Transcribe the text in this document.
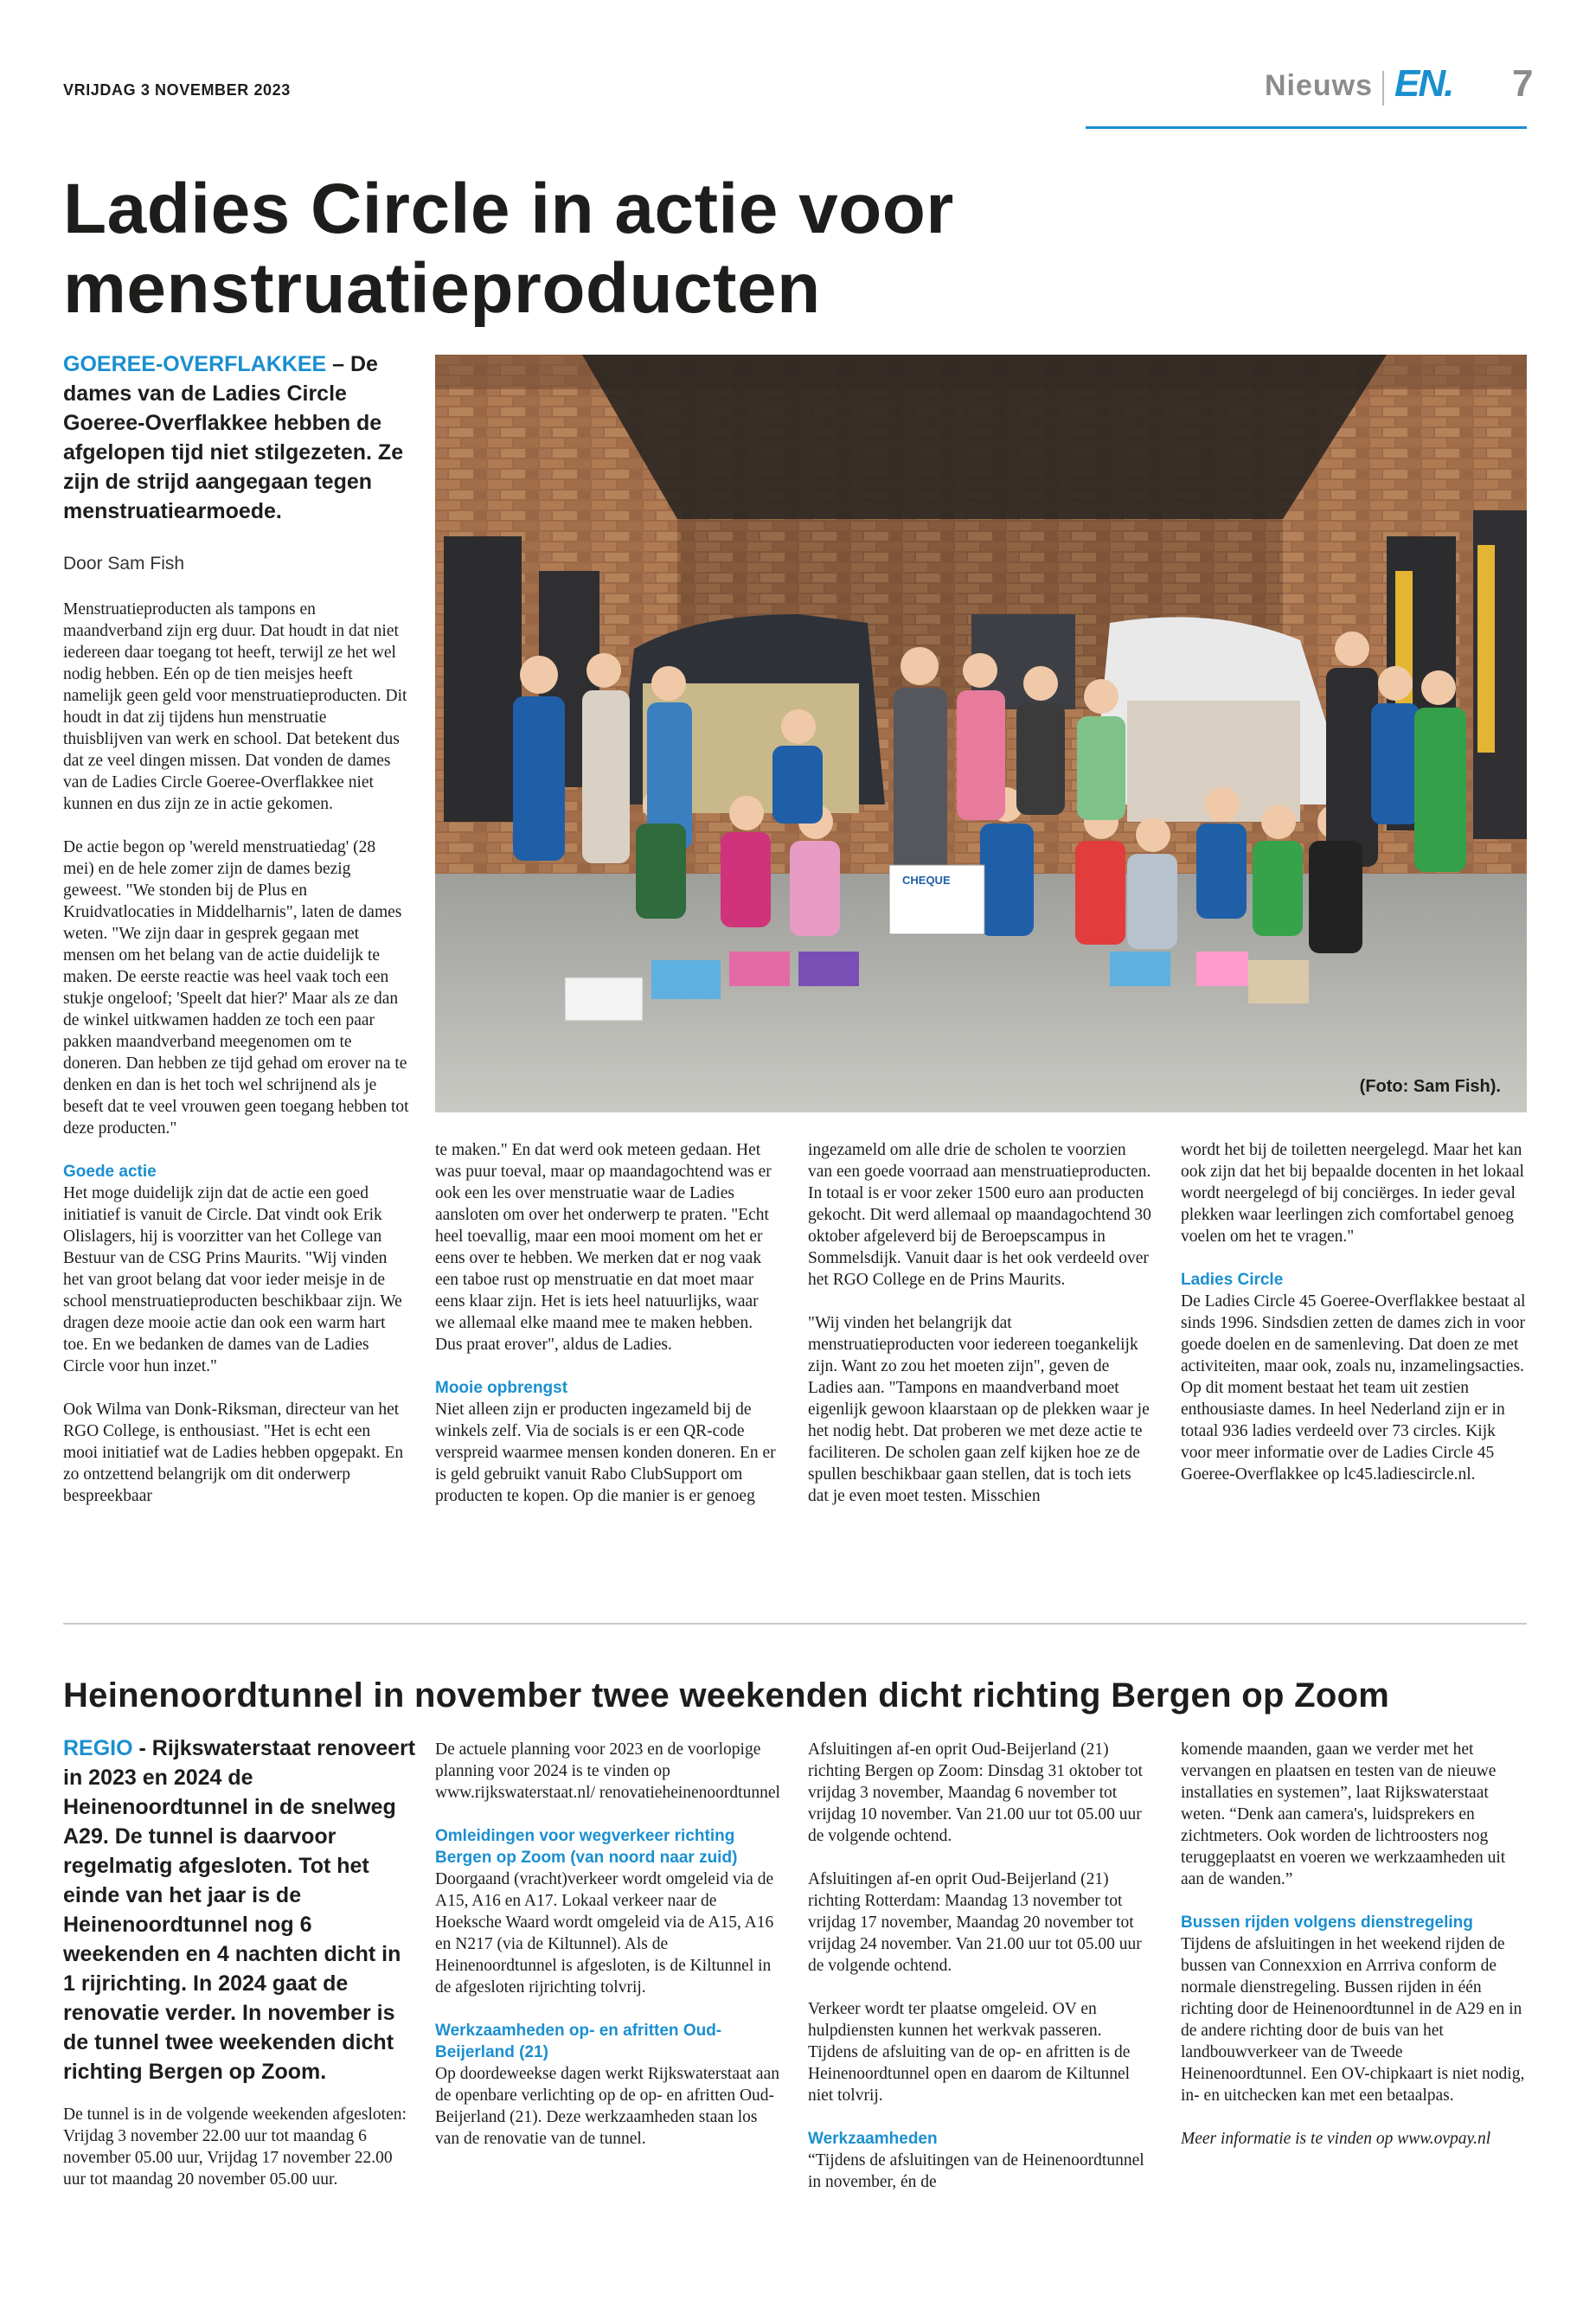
VRIJDAG 3 NOVEMBER 2023	Nieuws EN. 7
Ladies Circle in actie voor
menstruatieproducten
GOEREE-OVERFLAKKEE – De dames van de Ladies Circle Goeree-Overflakkee hebben de afgelopen tijd niet stilgezeten. Ze zijn de strijd aangegaan tegen menstruatiearmoede.
Door Sam Fish

Menstruatieproducten als tampons en maandverband zijn erg duur. Dat houdt in dat niet iedereen daar toegang tot heeft, terwijl ze het wel nodig hebben. Eén op de tien meisjes heeft namelijk geen geld voor menstruatieproducten. Dit houdt in dat zij tijdens hun menstruatie thuisblijven van werk en school. Dat betekent dus dat ze veel dingen missen. Dat vonden de dames van de Ladies Circle Goeree-Overflakkee niet kunnen en dus zijn ze in actie gekomen.

De actie begon op 'wereld menstruatiedag' (28 mei) en de hele zomer zijn de dames bezig geweest. "We stonden bij de Plus en Kruidvatlocaties in Middelharnis", laten de dames weten. "We zijn daar in gesprek gegaan met mensen om het belang van de actie duidelijk te maken. De eerste reactie was heel vaak toch een stukje ongeloof; 'Speelt dat hier?' Maar als ze dan de winkel uitkwamen hadden ze toch een paar pakken maandverband meegenomen om te doneren. Dan hebben ze tijd gehad om erover na te denken en dan is het toch wel schrijnend als je beseft dat te veel vrouwen geen toegang hebben tot deze producten."

Goede actie

Het moge duidelijk zijn dat de actie een goed initiatief is vanuit de Circle. Dat vindt ook Erik Olislagers, hij is voorzitter van het College van Bestuur van de CSG Prins Maurits. "Wij vinden het van groot belang dat voor ieder meisje in de school menstruatieproducten beschikbaar zijn. We dragen deze mooie actie dan ook een warm hart toe. En we bedanken de dames van de Ladies Circle voor hun inzet."

Ook Wilma van Donk-Riksman, directeur van het RGO College, is enthousiast. "Het is echt een mooi initiatief wat de Ladies hebben opgepakt. En zo ontzettend belangrijk om dit onderwerp bespreekbaar

CHEQUE
(Foto: Sam Fish).

te maken." En dat werd ook meteen gedaan. Het was puur toeval, maar op maandagochtend was er ook een les over menstruatie waar de Ladies aansloten om over het onderwerp te praten. "Echt heel toevallig, maar een mooi moment om het er eens over te hebben. We merken dat er nog vaak een taboe rust op menstruatie en dat moet maar eens klaar zijn. Het is iets heel natuurlijks, waar we allemaal elke maand mee te maken hebben. Dus praat erover", aldus de Ladies.

Mooie opbrengst

Niet alleen zijn er producten ingezameld bij de winkels zelf. Via de socials is er een QR-code verspreid waarmee mensen konden doneren. En er is geld gebruikt vanuit Rabo ClubSupport om producten te kopen. Op die manier is er genoeg

ingezameld om alle drie de scholen te voorzien van een goede voorraad aan menstruatieproducten. In totaal is er voor zeker 1500 euro aan producten gekocht. Dit werd allemaal op maandagochtend 30 oktober afgeleverd bij de Beroepscampus in Sommelsdijk. Vanuit daar is het ook verdeeld over het RGO College en de Prins Maurits.

"Wij vinden het belangrijk dat menstruatieproducten voor iedereen toegankelijk zijn. Want zo zou het moeten zijn", geven de Ladies aan. "Tampons en maandverband moet eigenlijk gewoon klaarstaan op de plekken waar je het nodig hebt. Dat proberen we met deze actie te faciliteren. De scholen gaan zelf kijken hoe ze de spullen beschikbaar gaan stellen, dat is toch iets dat je even moet testen. Misschien

wordt het bij de toiletten neergelegd. Maar het kan ook zijn dat het bij bepaalde docenten in het lokaal wordt neergelegd of bij conciërges. In ieder geval plekken waar leerlingen zich comfortabel genoeg voelen om het te vragen."

Ladies Circle

De Ladies Circle 45 Goeree-Overflakkee bestaat al sinds 1996. Sindsdien zetten de dames zich in voor goede doelen en de samenleving. Dat doen ze met activiteiten, maar ook, zoals nu, inzamelingsacties. Op dit moment bestaat het team uit zestien enthousiaste dames. In heel Nederland zijn er in totaal 936 ladies verdeeld over 73 circles. Kijk voor meer informatie over de Ladies Circle 45 Goeree-Overflakkee op lc45.ladiescircle.nl.

Heinenoordtunnel in november twee weekenden dicht richting Bergen op Zoom
REGIO - Rijkswaterstaat renoveert in 2023 en 2024 de Heinenoordtunnel in de snelweg A29. De tunnel is daarvoor regelmatig afgesloten. Tot het einde van het jaar is de Heinenoordtunnel nog 6 weekenden en 4 nachten dicht in 1 rijrichting. In 2024 gaat de renovatie verder. In november is de tunnel twee weekenden dicht richting Bergen op Zoom.

De tunnel is in de volgende weekenden afgesloten: Vrijdag 3 november 22.00 uur tot maandag 6 november 05.00 uur, Vrijdag 17 november 22.00 uur tot maandag 20 november 05.00 uur.

De actuele planning voor 2023 en de voorlopige planning voor 2024 is te vinden op www.rijkswaterstaat.nl/ renovatieheinenoordtunnel

Omleidingen voor wegverkeer richting Bergen op Zoom (van noord naar zuid)

Doorgaand (vracht)verkeer wordt omgeleid via de A15, A16 en A17. Lokaal verkeer naar de Hoeksche Waard wordt omgeleid via de A15, A16 en N217 (via de Kiltunnel). Als de Heinenoordtunnel is afgesloten, is de Kiltunnel in de afgesloten rijrichting tolvrij.

Werkzaamheden op- en afritten Oud-Beijerland (21)

Op doordeweekse dagen werkt Rijkswaterstaat aan de openbare verlichting op de op- en afritten Oud-Beijerland (21). Deze werkzaamheden staan los van de renovatie van de tunnel.

Afsluitingen af-en oprit Oud-Beijerland (21) richting Bergen op Zoom: Dinsdag 31 oktober tot vrijdag 3 november, Maandag 6 november tot vrijdag 10 november. Van 21.00 uur tot 05.00 uur de volgende ochtend.

Afsluitingen af-en oprit Oud-Beijerland (21) richting Rotterdam: Maandag 13 november tot vrijdag 17 november, Maandag 20 november tot vrijdag 24 november. Van 21.00 uur tot 05.00 uur de volgende ochtend.

Verkeer wordt ter plaatse omgeleid. OV en hulpdiensten kunnen het werkvak passeren. Tijdens de afsluiting van de op- en afritten is de Heinenoordtunnel open en daarom de Kiltunnel niet tolvrij.

Werkzaamheden

“Tijdens de afsluitingen van de Heinenoordtunnel in november, én de

komende maanden, gaan we verder met het vervangen en plaatsen en testen van de nieuwe installaties en systemen”, laat Rijkswaterstaat weten. “Denk aan camera's, luidsprekers en zichtmeters. Ook worden de lichtroosters nog teruggeplaatst en voeren we werkzaamheden uit aan de wanden.”

Bussen rijden volgens dienstregeling

Tijdens de afsluitingen in het weekend rijden de bussen van Connexxion en Arrriva conform de normale dienstregeling. Bussen rijden in één richting door de Heinenoordtunnel in de A29 en in de andere richting door de buis van het landbouwverkeer van de Tweede Heinenoordtunnel. Een OV-chipkaart is niet nodig, in- en uitchecken kan met een betaalpas.

Meer informatie is te vinden op www.ovpay.nl
